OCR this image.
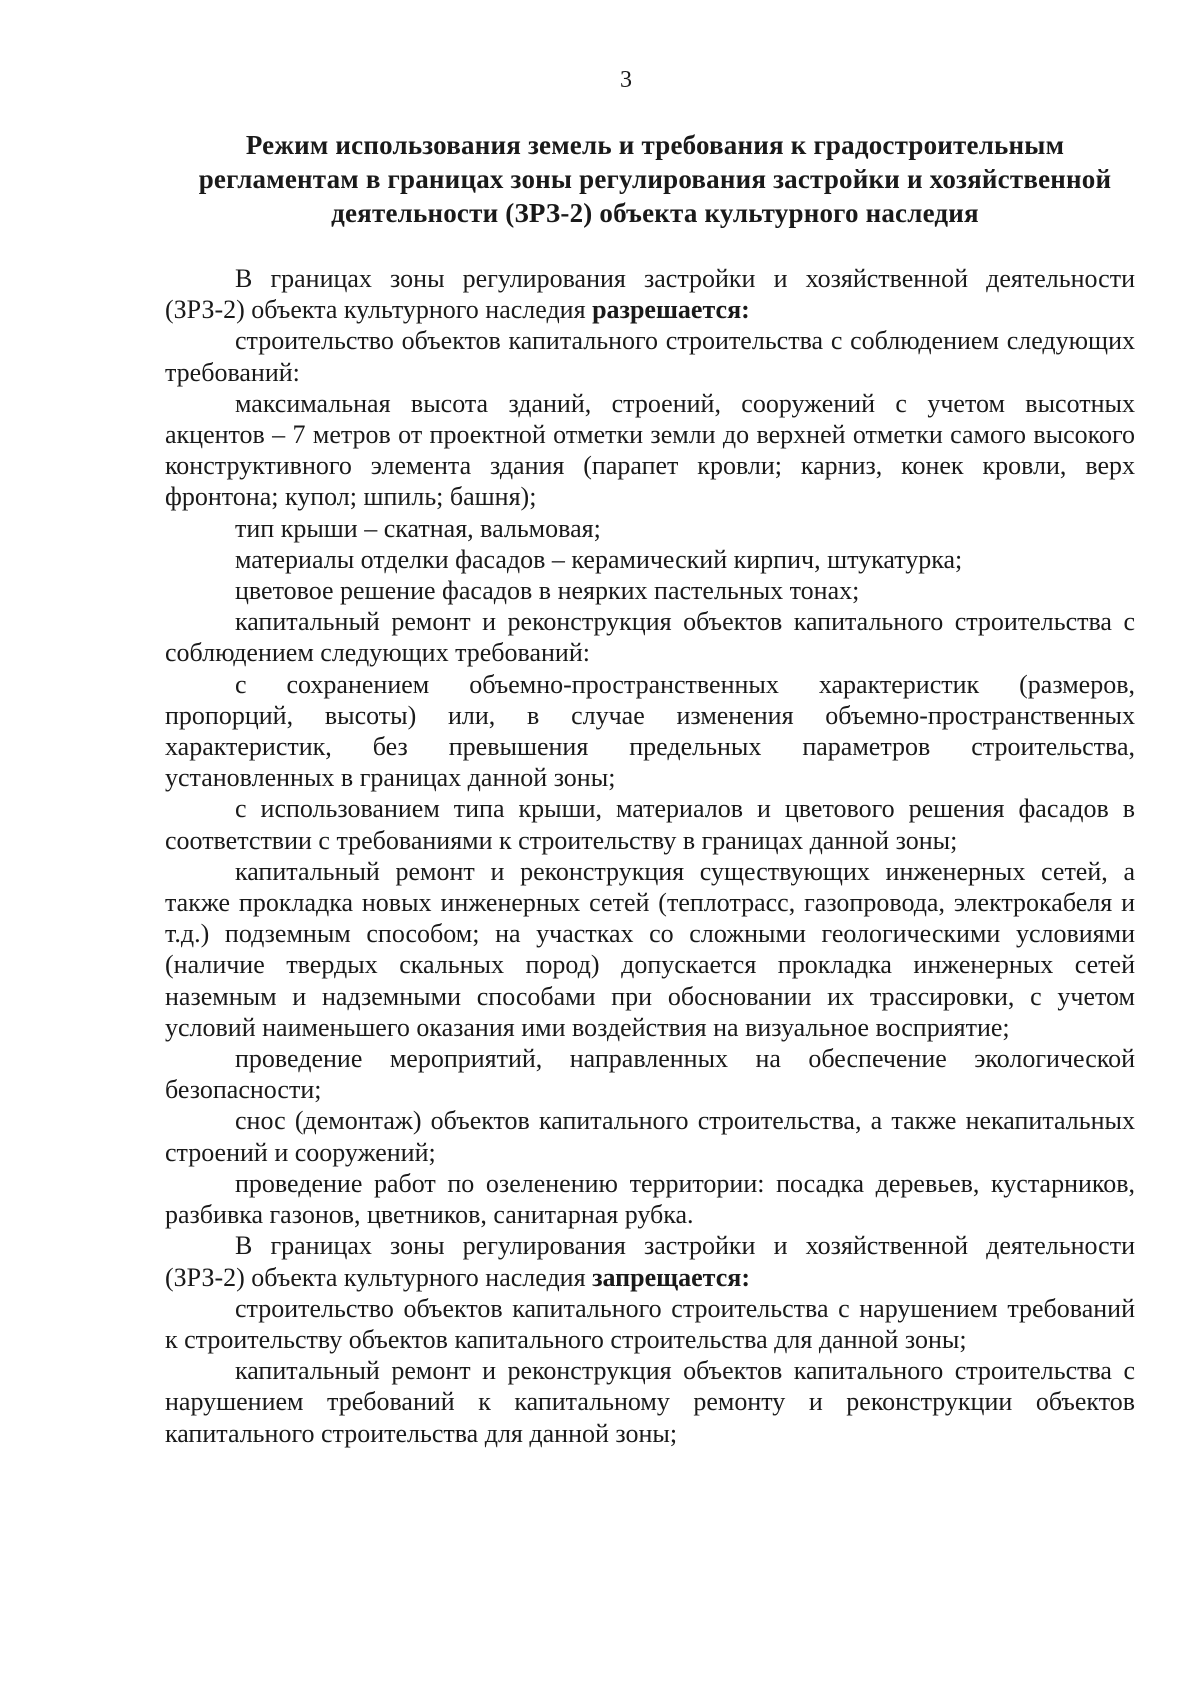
3

Режим использования земель и требования к градостроительным регламентам в границах зоны регулирования застройки и хозяйственной деятельности (ЗРЗ-2) объекта культурного наследия

В границах зоны регулирования застройки и хозяйственной деятельности (ЗРЗ-2) объекта культурного наследия разрешается:

строительство объектов капитального строительства с соблюдением следующих требований:

максимальная высота зданий, строений, сооружений с учетом высотных акцентов – 7 метров от проектной отметки земли до верхней отметки самого высокого конструктивного элемента здания (парапет кровли; карниз, конек кровли, верх фронтона; купол; шпиль; башня);

тип крыши – скатная, вальмовая;

материалы отделки фасадов – керамический кирпич, штукатурка;

цветовое решение фасадов в неярких пастельных тонах;

капитальный ремонт и реконструкция объектов капитального строительства с соблюдением следующих требований:

с сохранением объемно-пространственных характеристик (размеров, пропорций, высоты) или, в случае изменения объемно-пространственных характеристик, без превышения предельных параметров строительства, установленных в границах данной зоны;

с использованием типа крыши, материалов и цветового решения фасадов в соответствии с требованиями к строительству в границах данной зоны;

капитальный ремонт и реконструкция существующих инженерных сетей, а также прокладка новых инженерных сетей (теплотрасс, газопровода, электрокабеля и т.д.) подземным способом; на участках со сложными геологическими условиями (наличие твердых скальных пород) допускается прокладка инженерных сетей наземным и надземными способами при обосновании их трассировки, с учетом условий наименьшего оказания ими воздействия на визуальное восприятие;

проведение мероприятий, направленных на обеспечение экологической безопасности;

снос (демонтаж) объектов капитального строительства, а также некапитальных строений и сооружений;

проведение работ по озеленению территории: посадка деревьев, кустарников, разбивка газонов, цветников, санитарная рубка.

В границах зоны регулирования застройки и хозяйственной деятельности (ЗРЗ-2) объекта культурного наследия запрещается:

строительство объектов капитального строительства с нарушением требований к строительству объектов капитального строительства для данной зоны;

капитальный ремонт и реконструкция объектов капитального строительства с нарушением требований к капитальному ремонту и реконструкции объектов капитального строительства для данной зоны;
